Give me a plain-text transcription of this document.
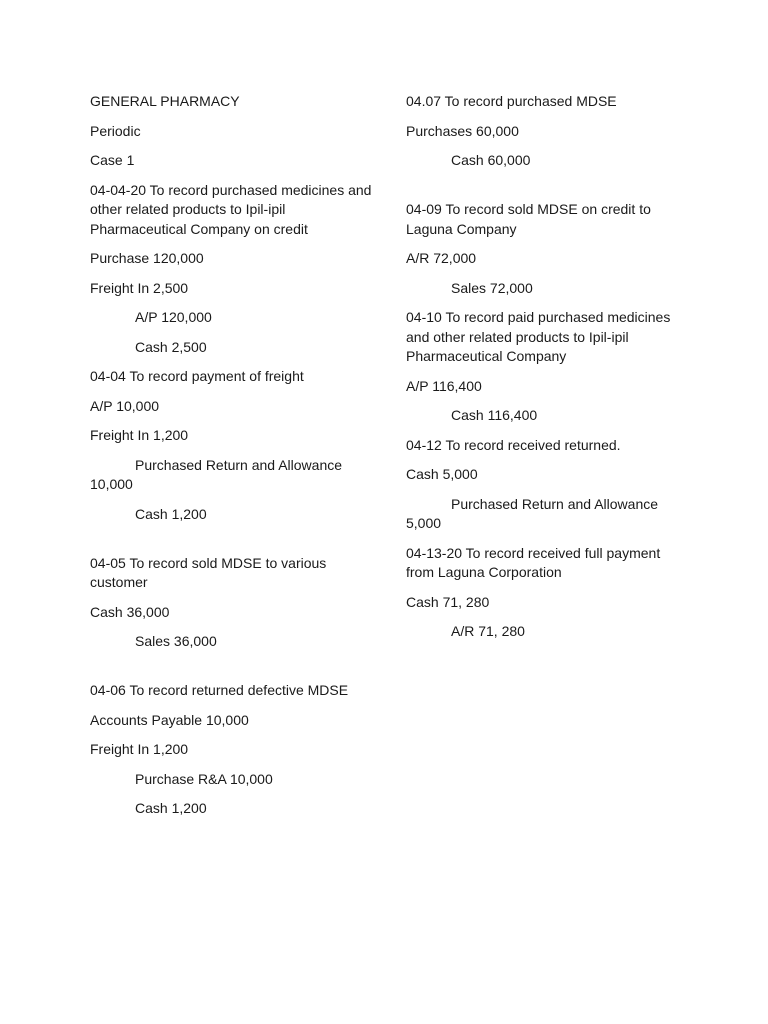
GENERAL PHARMACY

Periodic

Case 1

04-04-20 To record purchased medicines and other related products to Ipil-ipil Pharmaceutical Company on credit

Purchase 120,000

Freight In 2,500

A/P 120,000

Cash 2,500

04-04 To record payment of freight

A/P 10,000

Freight In 1,200

Purchased Return and Allowance 10,000

Cash 1,200

04-05 To record sold MDSE to various customer

Cash 36,000

Sales 36,000

04-06 To record returned defective MDSE

Accounts Payable 10,000

Freight In 1,200

Purchase R&A 10,000

Cash 1,200

04.07 To record purchased MDSE

Purchases 60,000

Cash 60,000

04-09 To record sold MDSE on credit to Laguna Company

A/R 72,000

Sales 72,000

04-10 To record paid purchased medicines and other related products to Ipil-ipil Pharmaceutical Company

A/P 116,400

Cash 116,400

04-12 To record received returned.

Cash 5,000

Purchased Return and Allowance 5,000

04-13-20 To record received full payment from Laguna Corporation

Cash 71, 280

A/R 71, 280
